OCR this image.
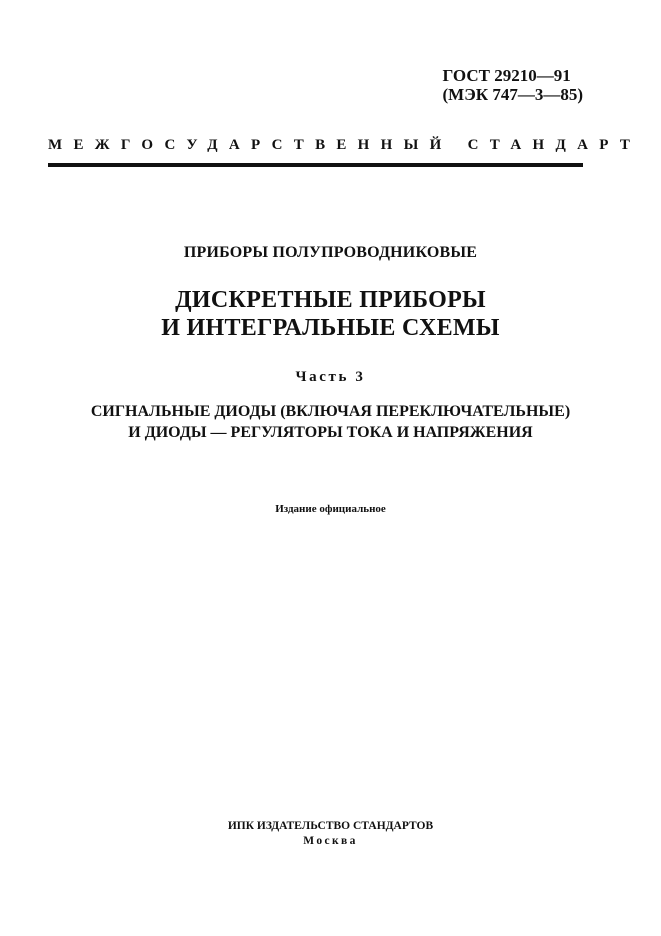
ГОСТ 29210—91
(МЭК 747—3—85)
МЕЖГОСУДАРСТВЕННЫЙ СТАНДАРТ
ПРИБОРЫ ПОЛУПРОВОДНИКОВЫЕ
ДИСКРЕТНЫЕ ПРИБОРЫ
И ИНТЕГРАЛЬНЫЕ СХЕМЫ
Часть 3
СИГНАЛЬНЫЕ ДИОДЫ (ВКЛЮЧАЯ ПЕРЕКЛЮЧАТЕЛЬНЫЕ)
И ДИОДЫ — РЕГУЛЯТОРЫ ТОКА И НАПРЯЖЕНИЯ
Издание официальное
ИПК ИЗДАТЕЛЬСТВО СТАНДАРТОВ
Москва
